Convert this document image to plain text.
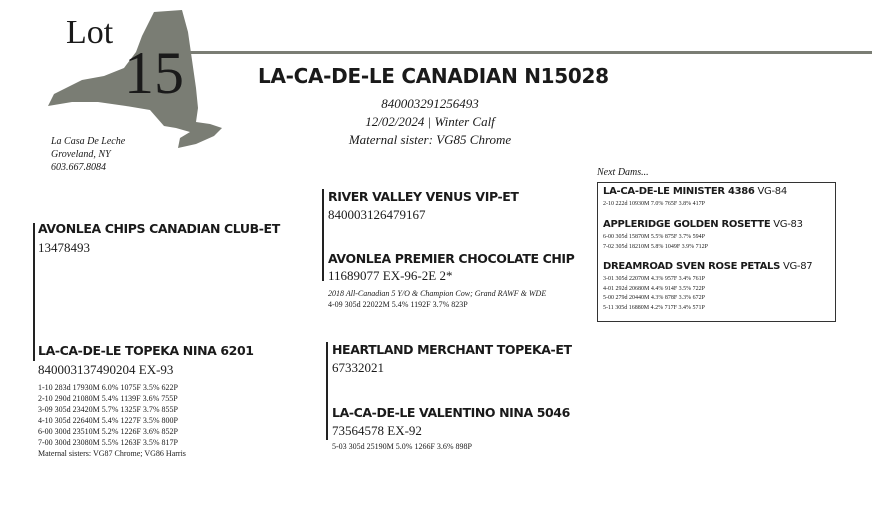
Lot
15	LA-CA-DE-LE CANADIAN N15028
840003291256493
12/02/2024 | Winter Calf
Maternal sister: VG85 Chrome
La Casa De Leche
Groveland, NY
603.667.8084
AVONLEA CHIPS CANADIAN CLUB-ET
13478493
RIVER VALLEY VENUS VIP-ET
840003126479167
AVONLEA PREMIER CHOCOLATE CHIP
11689077 EX-96-2E 2*
2018 All-Canadian 5 Y/O & Champion Cow; Grand RAWF & WDE
4-09 305d 22022M 5.4% 1192F 3.7% 823P
LA-CA-DE-LE TOPEKA NINA 6201
840003137490204 EX-93
1-10 283d 17930M 6.0% 1075F 3.5% 622P
2-10 290d 21080M 5.4% 1139F 3.6% 755P
3-09 305d 23420M 5.7% 1325F 3.7% 855P
4-10 305d 22640M 5.4% 1227F 3.5% 800P
6-00 300d 23510M 5.2% 1226F 3.6% 852P
7-00 300d 23080M 5.5% 1263F 3.5% 817P
Maternal sisters: VG87 Chrome; VG86 Harris
HEARTLAND MERCHANT TOPEKA-ET
67332021
LA-CA-DE-LE VALENTINO NINA 5046
73564578 EX-92
5-03 305d 25190M 5.0% 1266F 3.6% 898P
Next Dams...
LA-CA-DE-LE MINISTER 4386 VG-84
2-10 222d 10930M 7.0% 765F 3.8% 417P
APPLERIDGE GOLDEN ROSETTE VG-83
6-00 305d 15870M 5.5% 875F 3.7% 594P
7-02 305d 18210M 5.8% 1049F 3.9% 712P
DREAMROAD SVEN ROSE PETALS VG-87
3-01 305d 22070M 4.3% 957F 3.4% 761P
4-01 292d 20680M 4.4% 914F 3.5% 722P
5-00 279d 20440M 4.3% 878F 3.3% 672P
5-11 305d 16880M 4.2% 717F 3.4% 571P
